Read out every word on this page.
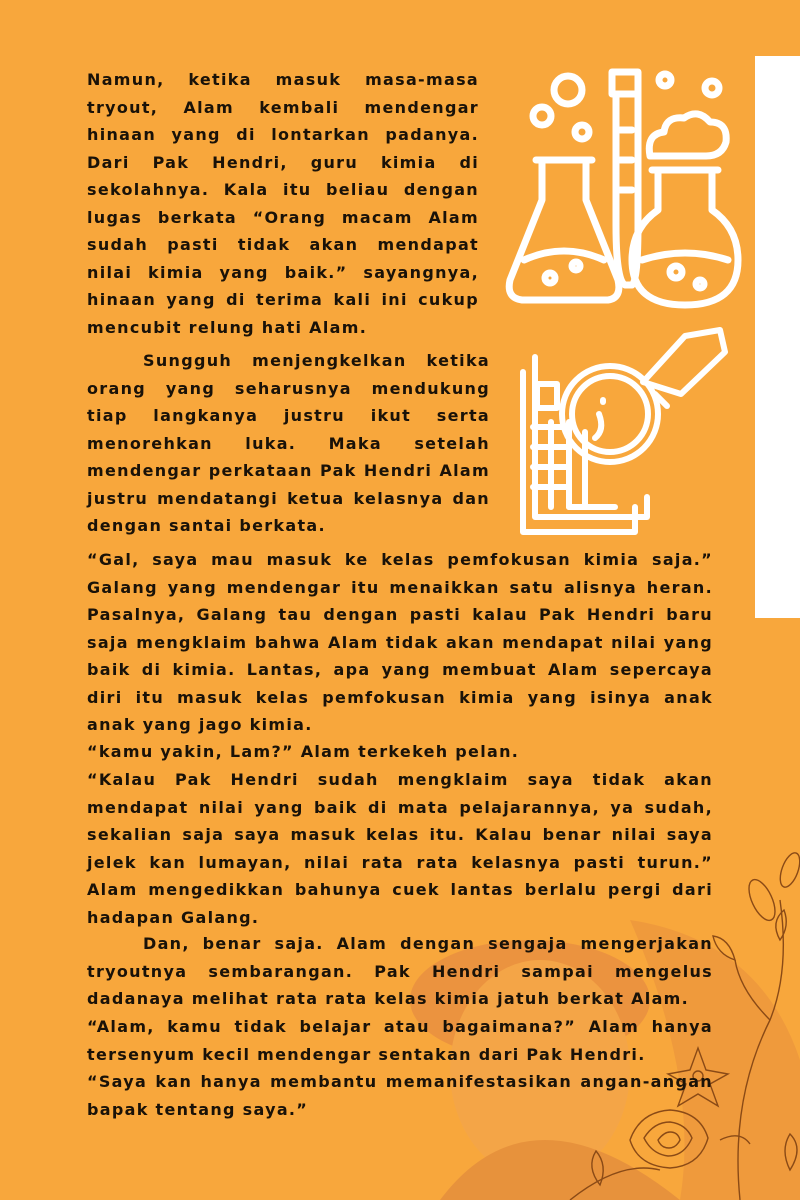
Namun, ketika masuk masa-masa tryout, Alam kembali mendengar hinaan yang di lontarkan padanya. Dari Pak Hendri, guru kimia di sekolahnya. Kala itu beliau dengan lugas berkata “Orang macam Alam sudah pasti tidak akan mendapat nilai kimia yang baik.” sayangnya, hinaan yang di terima kali ini cukup mencubit relung hati Alam.

Sungguh menjengkelkan ketika orang yang seharusnya mendukung tiap langkanya justru ikut serta menorehkan luka. Maka setelah mendengar perkataan Pak Hendri Alam justru mendatangi ketua kelasnya dan dengan santai berkata.

“Gal, saya mau masuk ke kelas pemfokusan kimia saja.” Galang yang mendengar itu menaikkan satu alisnya heran. Pasalnya, Galang tau dengan pasti kalau Pak Hendri baru saja mengklaim bahwa Alam tidak akan mendapat nilai yang baik di kimia. Lantas, apa yang membuat Alam sepercaya diri itu masuk kelas pemfokusan kimia yang isinya anak anak yang jago kimia.

“kamu yakin, Lam?” Alam terkekeh pelan.

“Kalau Pak Hendri sudah mengklaim saya tidak akan mendapat nilai yang baik di mata pelajarannya, ya sudah, sekalian saja saya masuk kelas itu. Kalau benar nilai saya jelek kan lumayan, nilai rata rata kelasnya pasti turun.” Alam mengedikkan bahunya cuek lantas berlalu pergi dari hadapan Galang.

Dan, benar saja. Alam dengan sengaja mengerjakan tryoutnya sembarangan. Pak Hendri sampai mengelus dadanaya melihat rata rata kelas kimia jatuh berkat Alam.

“Alam, kamu tidak belajar atau bagaimana?” Alam hanya tersenyum kecil mendengar sentakan dari Pak Hendri.

“Saya kan hanya membantu memanifestasikan angan-angan bapak tentang saya.”
